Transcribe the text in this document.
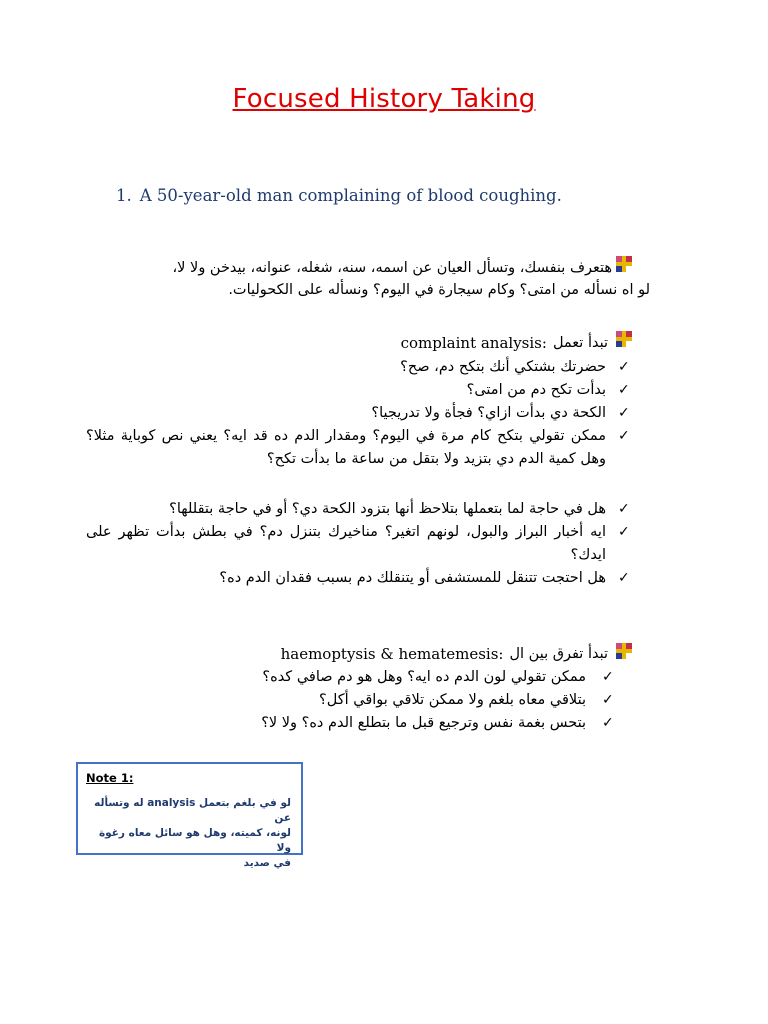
Focused History Taking
1. A 50-year-old man complaining of blood coughing.
هتعرف بنفسك، وتسأل العيان عن اسمه، سنه، شغله، عنوانه، بيدخن ولا لا،
لو اه نسأله من امتى؟ وكام سيجارة في اليوم؟ ونسأله على الكحوليات.
تبدأ تعمل
complaint analysis:
✓
حضرتك بشتكي أنك بتكح دم، صح؟
✓
بدأت تكح دم من امتى؟
✓
الكحة دي بدأت ازاي؟ فجأة ولا تدريجيا؟
✓
ممكن تقولي بتكح كام مرة في اليوم؟ ومقدار الدم ده قد ايه؟ يعني نص كوباية مثلا؟ وهل كمية الدم دي بتزيد ولا بتقل من ساعة ما بدأت تكح؟
✓
هل في حاجة لما بتعملها بتلاحظ أنها بتزود الكحة دي؟ أو في حاجة بتقللها؟
✓
ايه أخبار البراز والبول، لونهم اتغير؟ مناخيرك بتنزل دم؟ في بطش بدأت تظهر على ايدك؟
✓
هل احتجت تتنقل للمستشفى أو يتنقلك دم بسبب فقدان الدم ده؟
تبدأ تفرق بين ال
haemoptysis & hematemesis:
✓
ممكن تقولي لون الدم ده ايه؟ وهل هو دم صافي كده؟
✓
بتلاقي معاه بلغم ولا ممكن تلاقي بواقي أكل؟
✓
بتحس بغمة نفس وترجيع قبل ما بتطلع الدم ده؟ ولا لا؟
Note 1:
لو في بلغم بتعمل analysis له وتسأله عن
لونه، كميته، وهل هو سائل معاه رغوة ولا
في صديد
